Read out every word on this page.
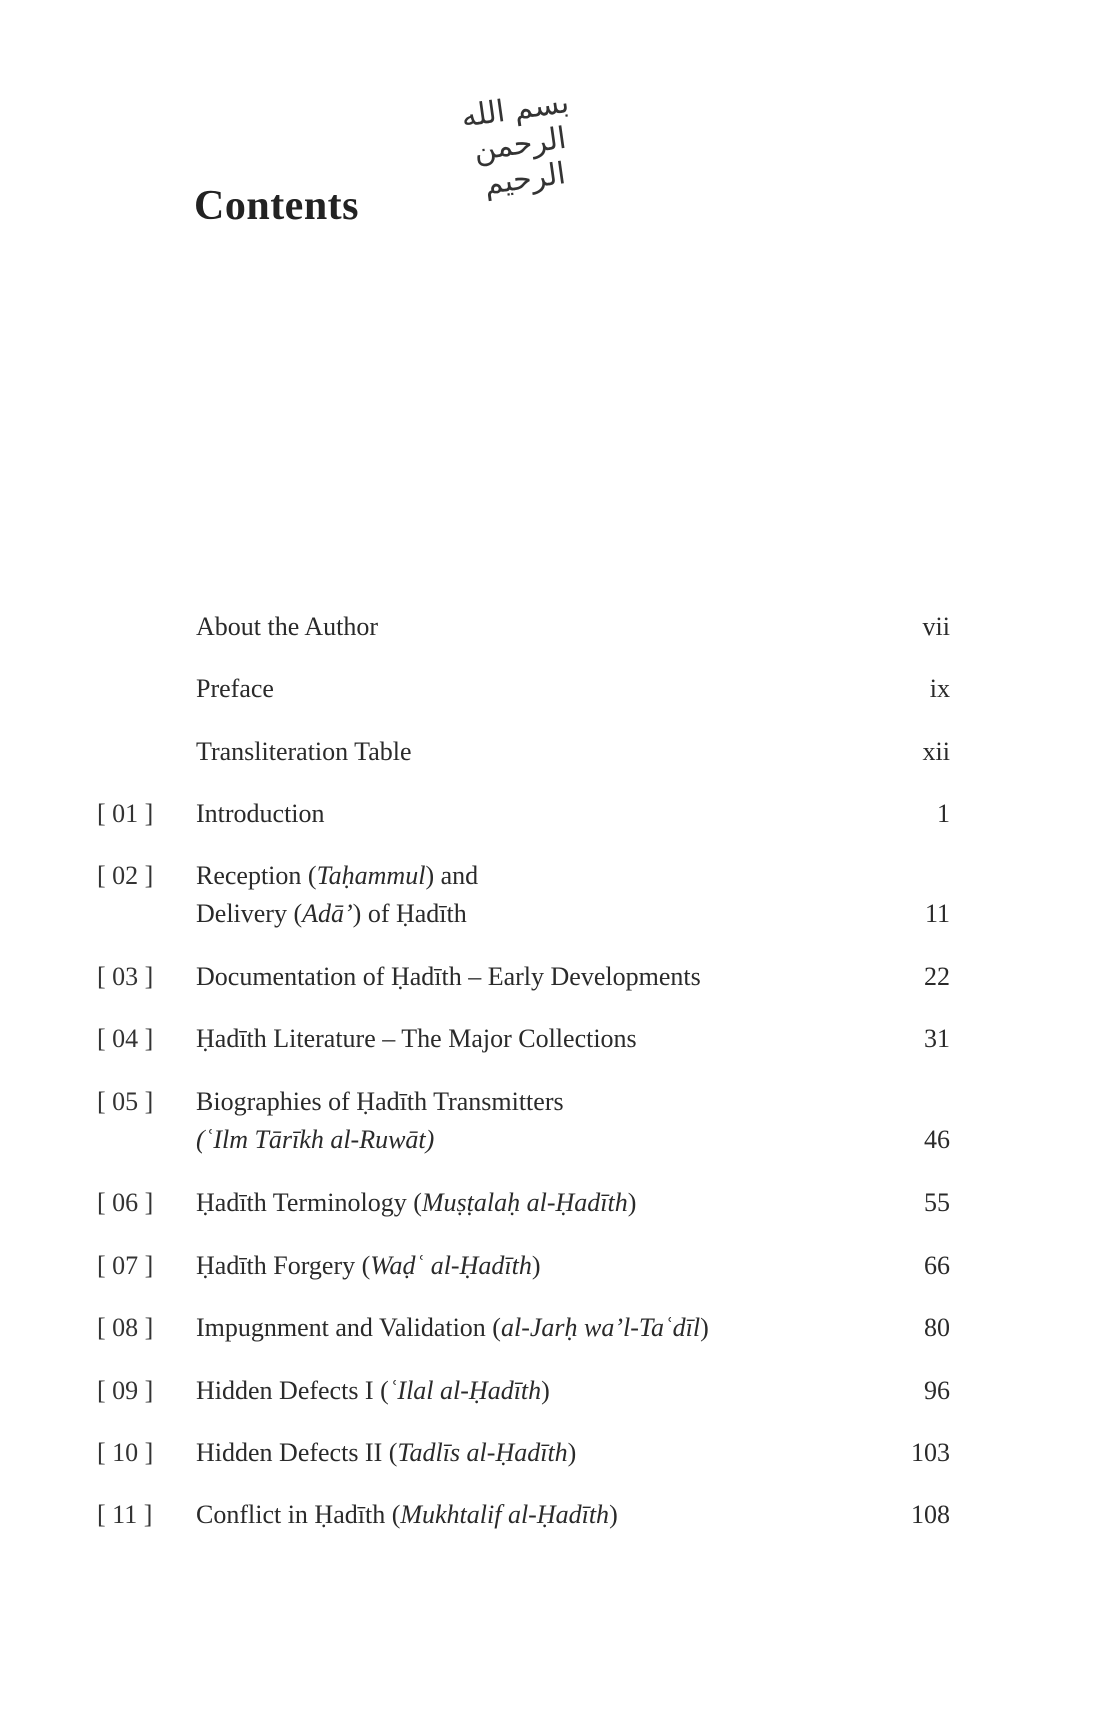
بسم الله الرحمن الرحيم
Contents
About the Author	vii
Preface	ix
Transliteration Table	xii
[ 01 ]	Introduction	1
[ 02 ]	Reception (Taḥammul) and
Delivery (Adā’) of Ḥadīth	11
[ 03 ]	Documentation of Ḥadīth – Early Developments	22
[ 04 ]	Ḥadīth Literature – The Major Collections	31
[ 05 ]	Biographies of Ḥadīth Transmitters
(ʿIlm Tārīkh al-Ruwāt)	46
[ 06 ]	Ḥadīth Terminology (Muṣṭalaḥ al-Ḥadīth)	55
[ 07 ]	Ḥadīth Forgery (Waḍʿ al-Ḥadīth)	66
[ 08 ]	Impugnment and Validation (al-Jarḥ wa’l-Taʿdīl)	80
[ 09 ]	Hidden Defects I (ʿIlal al-Ḥadīth)	96
[ 10 ]	Hidden Defects II (Tadlīs al-Ḥadīth)	103
[ 11 ]	Conflict in Ḥadīth (Mukhtalif al-Ḥadīth)	108
